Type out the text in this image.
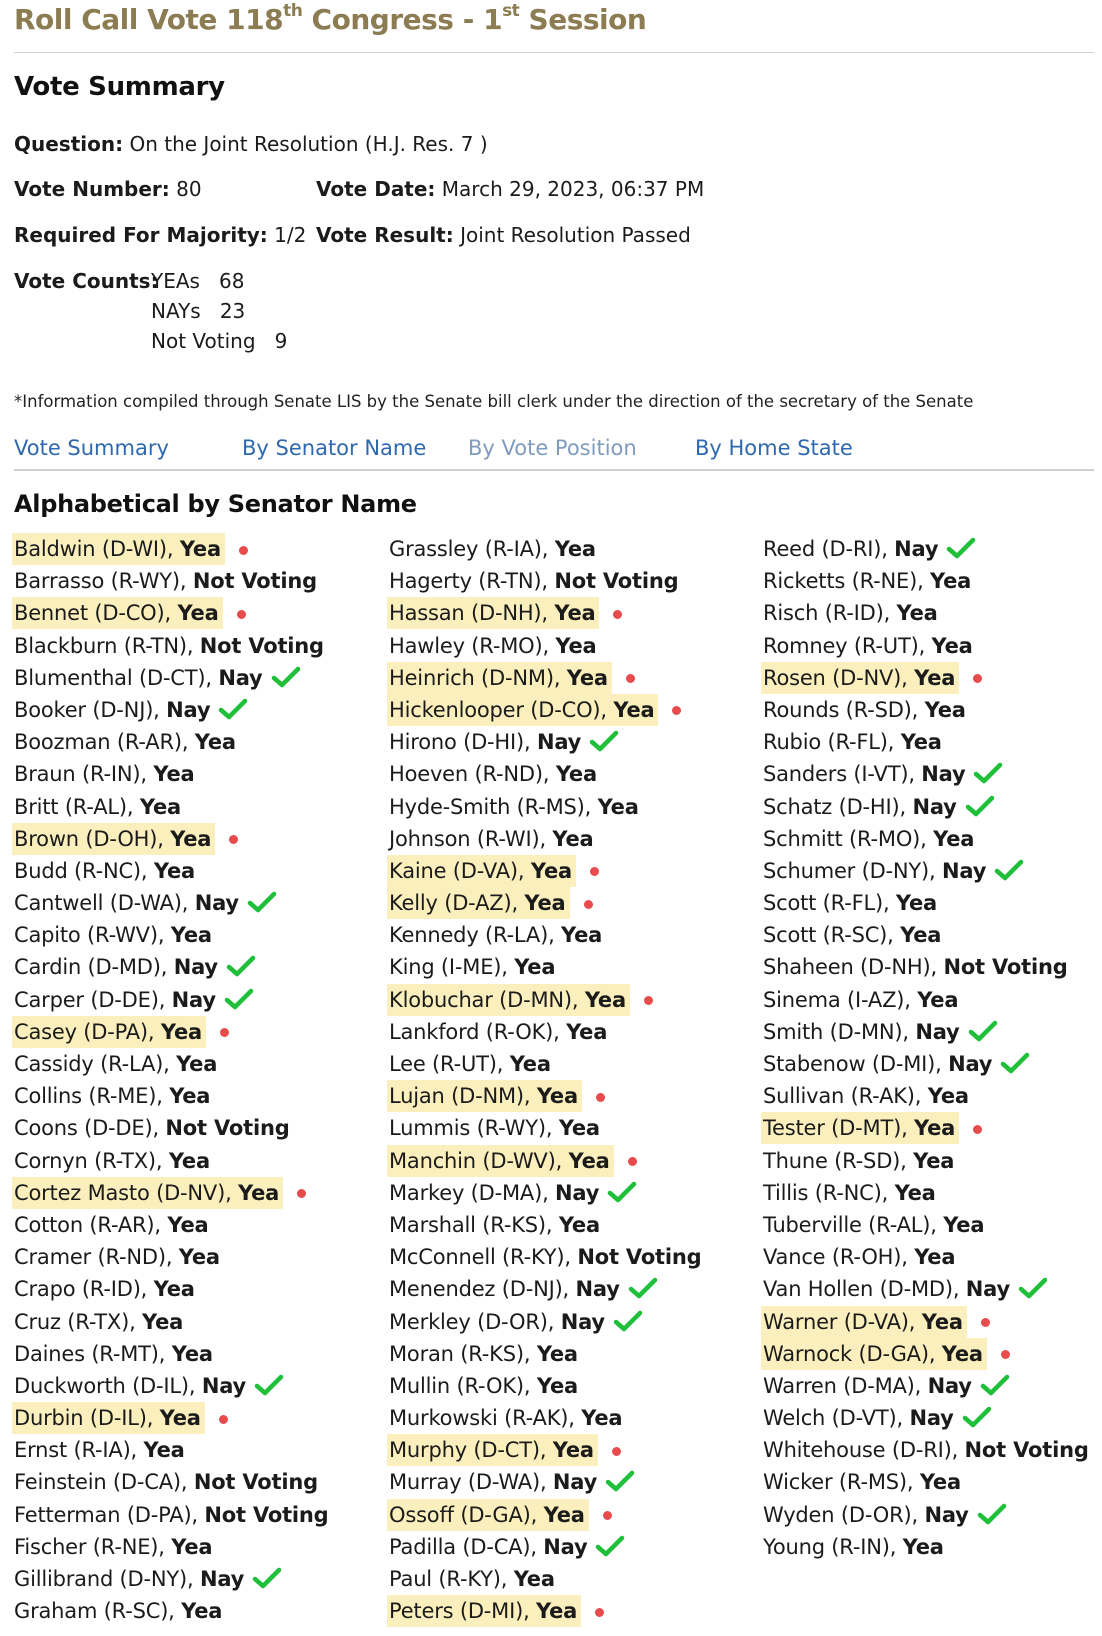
Roll Call Vote 118th Congress - 1st Session
Vote Summary
Question: On the Joint Resolution (H.J. Res. 7 )
Vote Number: 80	Vote Date: March 29, 2023, 06:37 PM
Required For Majority: 1/2 Vote Result: Joint Resolution Passed
Vote Counts:
YEAs 68
NAYs 23
Not Voting 9
*Information compiled through Senate LIS by the Senate bill clerk under the direction of the secretary of the Senate
Vote Summary	By Senator Name By Vote Position	By Home State
Alphabetical by Senator Name
Baldwin (D-WI), Yea
Barrasso (R-WY), Not Voting
Bennet (D-CO), Yea
Blackburn (R-TN), Not Voting
Blumenthal (D-CT), Nay
Booker (D-NJ), Nay
Boozman (R-AR), Yea
Braun (R-IN), Yea
Britt (R-AL), Yea
Brown (D-OH), Yea
Budd (R-NC), Yea
Cantwell (D-WA), Nay
Capito (R-WV), Yea
Cardin (D-MD), Nay
Carper (D-DE), Nay
Casey (D-PA), Yea
Cassidy (R-LA), Yea
Collins (R-ME), Yea
Coons (D-DE), Not Voting
Cornyn (R-TX), Yea
Cortez Masto (D-NV), Yea
Cotton (R-AR), Yea
Cramer (R-ND), Yea
Crapo (R-ID), Yea
Cruz (R-TX), Yea
Daines (R-MT), Yea
Duckworth (D-IL), Nay
Durbin (D-IL), Yea
Ernst (R-IA), Yea
Feinstein (D-CA), Not Voting
Fetterman (D-PA), Not Voting
Fischer (R-NE), Yea
Gillibrand (D-NY), Nay
Graham (R-SC), Yea
Grassley (R-IA), Yea
Hagerty (R-TN), Not Voting
Hassan (D-NH), Yea
Hawley (R-MO), Yea
Heinrich (D-NM), Yea
Hickenlooper (D-CO), Yea
Hirono (D-HI), Nay
Hoeven (R-ND), Yea
Hyde-Smith (R-MS), Yea
Johnson (R-WI), Yea
Kaine (D-VA), Yea
Kelly (D-AZ), Yea
Kennedy (R-LA), Yea
King (I-ME), Yea
Klobuchar (D-MN), Yea
Lankford (R-OK), Yea
Lee (R-UT), Yea
Lujan (D-NM), Yea
Lummis (R-WY), Yea
Manchin (D-WV), Yea
Markey (D-MA), Nay
Marshall (R-KS), Yea
McConnell (R-KY), Not Voting
Menendez (D-NJ), Nay
Merkley (D-OR), Nay
Moran (R-KS), Yea
Mullin (R-OK), Yea
Murkowski (R-AK), Yea
Murphy (D-CT), Yea
Murray (D-WA), Nay
Ossoff (D-GA), Yea
Padilla (D-CA), Nay
Paul (R-KY), Yea
Peters (D-MI), Yea
Reed (D-RI), Nay
Ricketts (R-NE), Yea
Risch (R-ID), Yea
Romney (R-UT), Yea
Rosen (D-NV), Yea
Rounds (R-SD), Yea
Rubio (R-FL), Yea
Sanders (I-VT), Nay
Schatz (D-HI), Nay
Schmitt (R-MO), Yea
Schumer (D-NY), Nay
Scott (R-FL), Yea
Scott (R-SC), Yea
Shaheen (D-NH), Not Voting
Sinema (I-AZ), Yea
Smith (D-MN), Nay
Stabenow (D-MI), Nay
Sullivan (R-AK), Yea
Tester (D-MT), Yea
Thune (R-SD), Yea
Tillis (R-NC), Yea
Tuberville (R-AL), Yea
Vance (R-OH), Yea
Van Hollen (D-MD), Nay
Warner (D-VA), Yea
Warnock (D-GA), Yea
Warren (D-MA), Nay
Welch (D-VT), Nay
Whitehouse (D-RI), Not Voting
Wicker (R-MS), Yea
Wyden (D-OR), Nay
Young (R-IN), Yea
